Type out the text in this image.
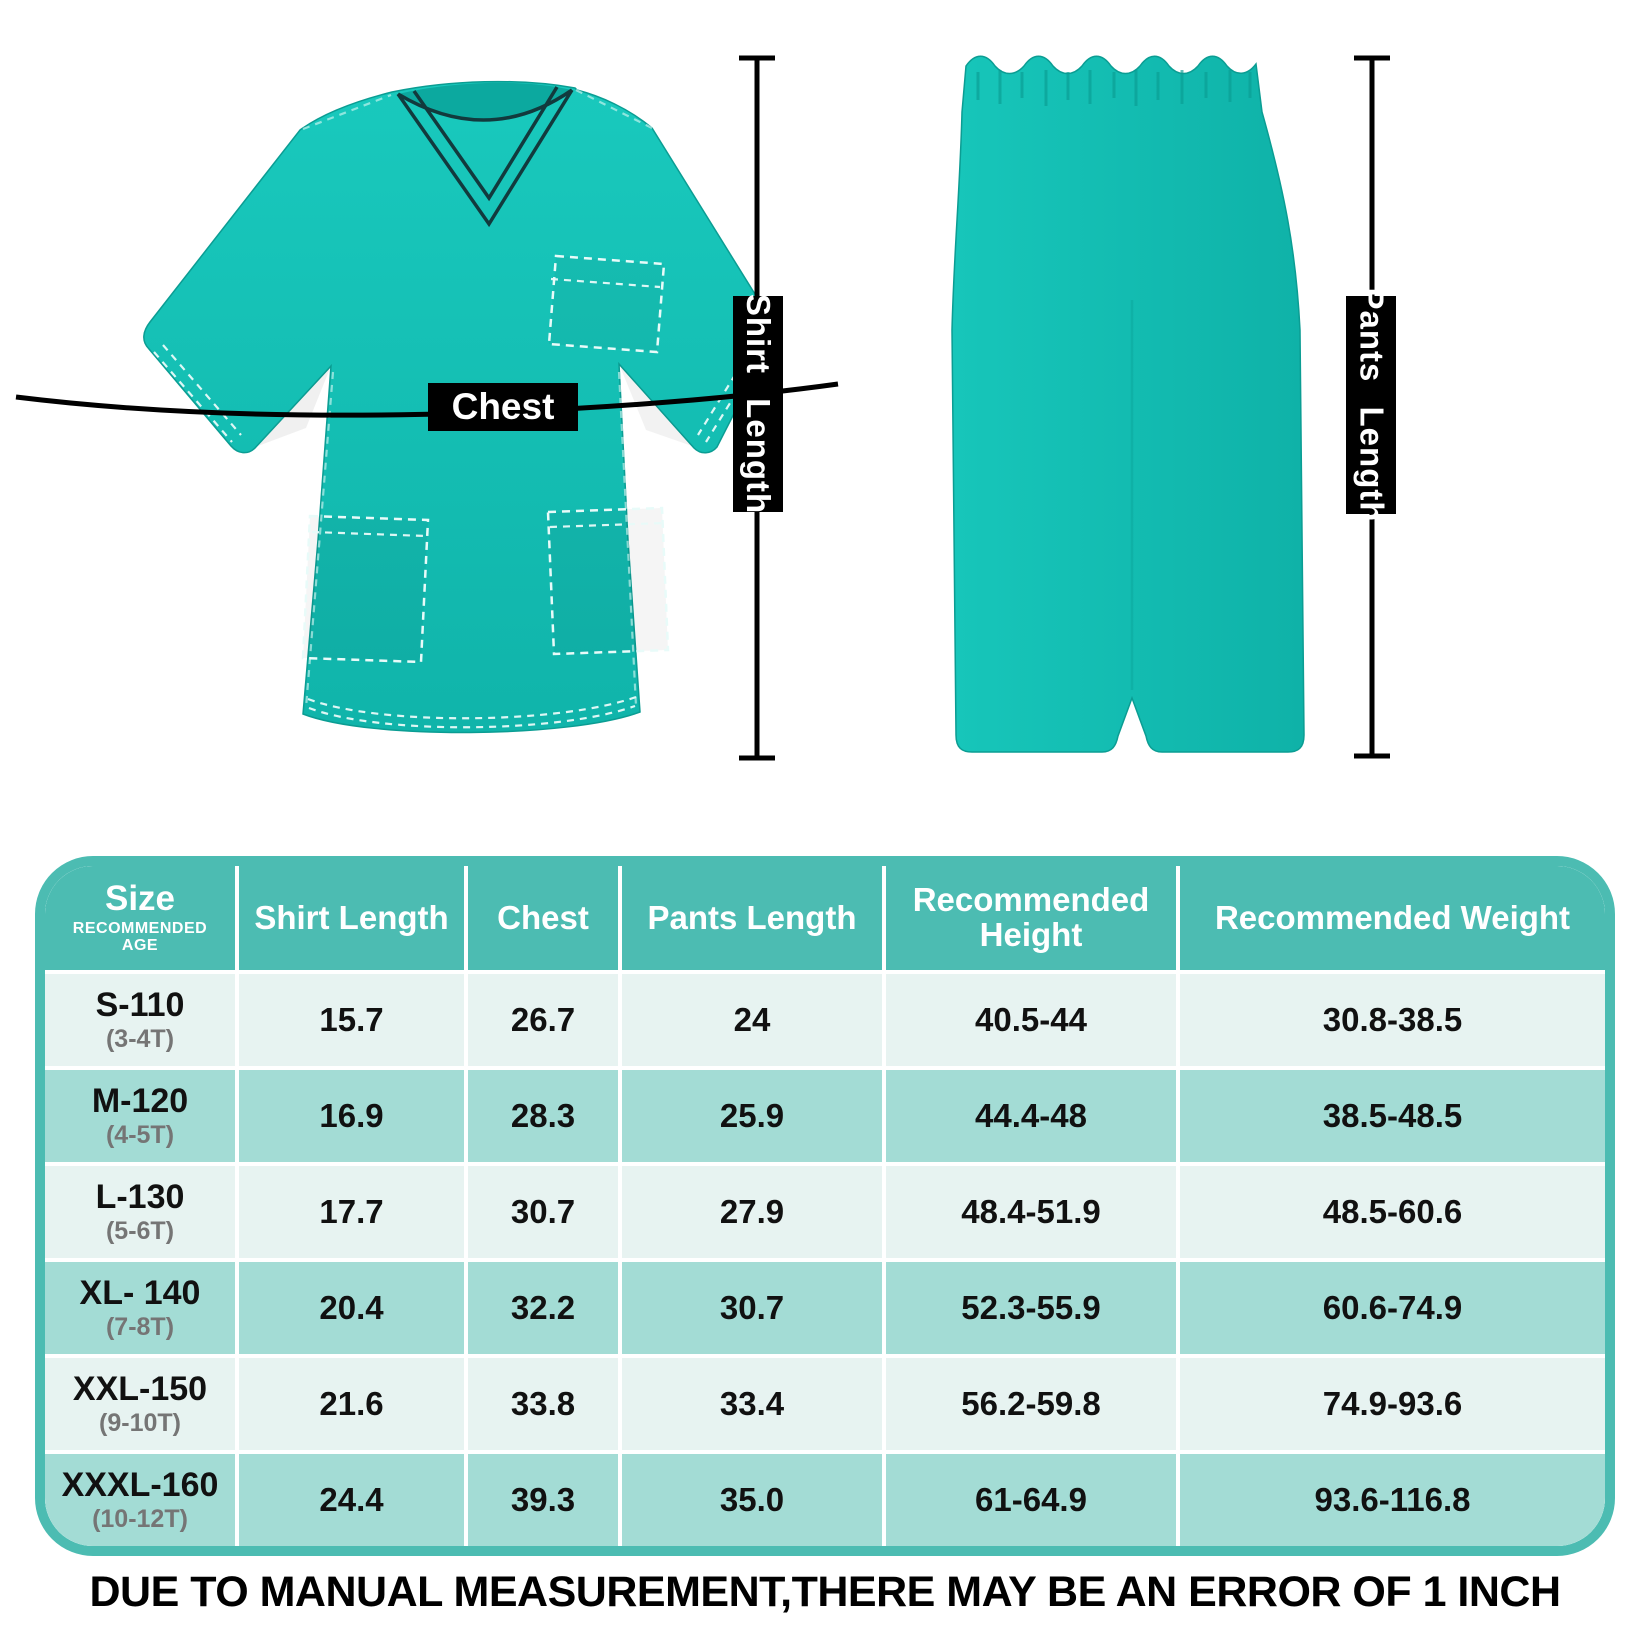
Chest	Shirt Length	Pants Length
Size
RECOMMENDED AGE
Shirt Length	Chest	Pants Length	Recommended Height	Recommended Weight
S-110
(3-4T)
15.7	26.7	24	40.5-44	30.8-38.5
M-120
(4-5T)
16.9	28.3	25.9	44.4-48	38.5-48.5
L-130
(5-6T)
17.7	30.7	27.9	48.4-51.9	48.5-60.6
XL- 140
(7-8T)
20.4	32.2	30.7	52.3-55.9	60.6-74.9
XXL-150
(9-10T)
21.6	33.8	33.4	56.2-59.8	74.9-93.6
XXXL-160
(10-12T)
24.4	39.3	35.0	61-64.9	93.6-116.8
DUE TO MANUAL MEASUREMENT,THERE MAY BE AN ERROR OF 1 INCH
